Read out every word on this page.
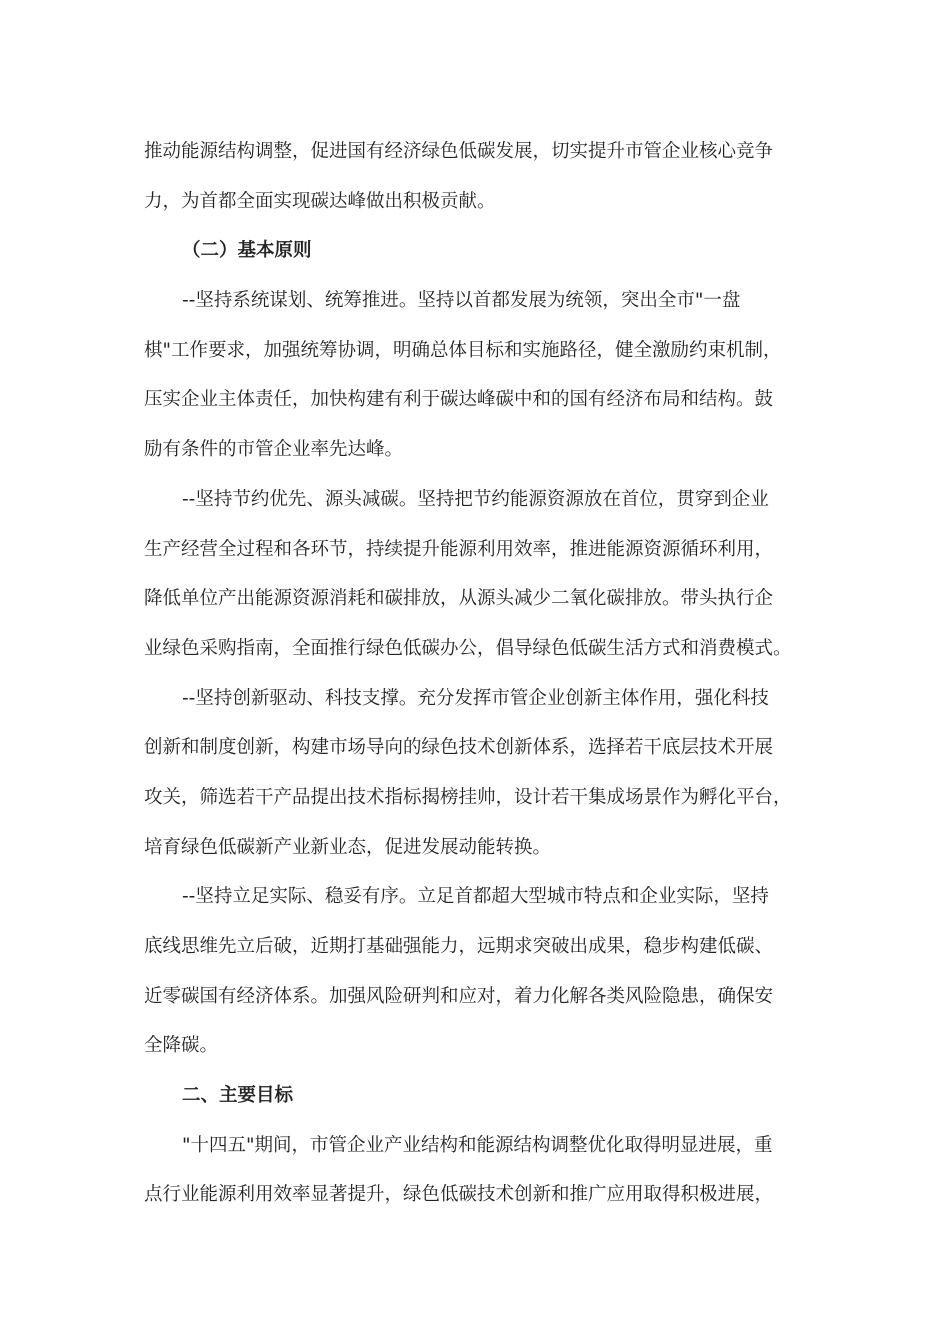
推动能源结构调整，促进国有经济绿色低碳发展，切实提升市管企业核心竞争
力，为首都全面实现碳达峰做出积极贡献。
（二）基本原则
--坚持系统谋划、统筹推进。坚持以首都发展为统领，突出全市"一盘
棋"工作要求，加强统筹协调，明确总体目标和实施路径，健全激励约束机制，
压实企业主体责任，加快构建有利于碳达峰碳中和的国有经济布局和结构。鼓
励有条件的市管企业率先达峰。
--坚持节约优先、源头减碳。坚持把节约能源资源放在首位，贯穿到企业
生产经营全过程和各环节，持续提升能源利用效率，推进能源资源循环利用，
降低单位产出能源资源消耗和碳排放，从源头减少二氧化碳排放。带头执行企
业绿色采购指南，全面推行绿色低碳办公，倡导绿色低碳生活方式和消费模式。
--坚持创新驱动、科技支撑。充分发挥市管企业创新主体作用，强化科技
创新和制度创新，构建市场导向的绿色技术创新体系，选择若干底层技术开展
攻关，筛选若干产品提出技术指标揭榜挂帅，设计若干集成场景作为孵化平台，
培育绿色低碳新产业新业态，促进发展动能转换。
--坚持立足实际、稳妥有序。立足首都超大型城市特点和企业实际，坚持
底线思维先立后破，近期打基础强能力，远期求突破出成果，稳步构建低碳、
近零碳国有经济体系。加强风险研判和应对，着力化解各类风险隐患，确保安
全降碳。
二、主要目标
"十四五"期间，市管企业产业结构和能源结构调整优化取得明显进展，重
点行业能源利用效率显著提升，绿色低碳技术创新和推广应用取得积极进展，
